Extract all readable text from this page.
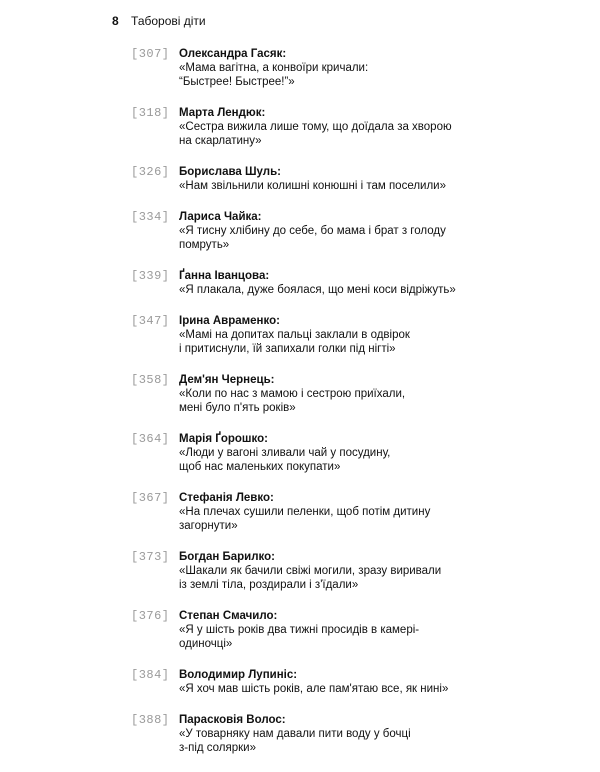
8 Таборові діти
[307] Олександра Гасяк:
«Мама вагітна, а конвоїри кричали:
“Быстрее! Быстрее!”»
[318] Марта Лендюк:
«Сестра вижила лише тому, що доїдала за хворою
на скарлатину»
[326] Борислава Шуль:
«Нам звільнили колишні конюшні і там поселили»
[334] Лариса Чайка:
«Я тисну хлібину до себе, бо мама і брат з голоду
помруть»
[339] Ґанна Іванцова:
«Я плакала, дуже боялася, що мені коси відріжуть»
[347] Ірина Авраменко:
«Мамі на допитах пальці заклали в одвірок
і притиснули, їй запихали голки під нігті»
[358] Дем'ян Чернець:
«Коли по нас з мамою і сестрою приїхали,
мені було п'ять років»
[364] Марія Ґорошко:
«Люди у вагоні зливали чай у посудину,
щоб нас маленьких покупати»
[367] Стефанія Левко:
«На плечах сушили пеленки, щоб потім дитину
загорнути»
[373] Богдан Барилко:
«Шакали як бачили свіжі могили, зразу виривали
із землі тіла, роздирали і з'їдали»
[376] Степан Смачило:
«Я у шість років два тижні просидів в камері-
одиночці»
[384] Володимир Лупиніс:
«Я хоч мав шість років, але пам'ятаю все, як нині»
[388] Парасковія Волос:
«У товарняку нам давали пити воду у бочці
з-під солярки»
